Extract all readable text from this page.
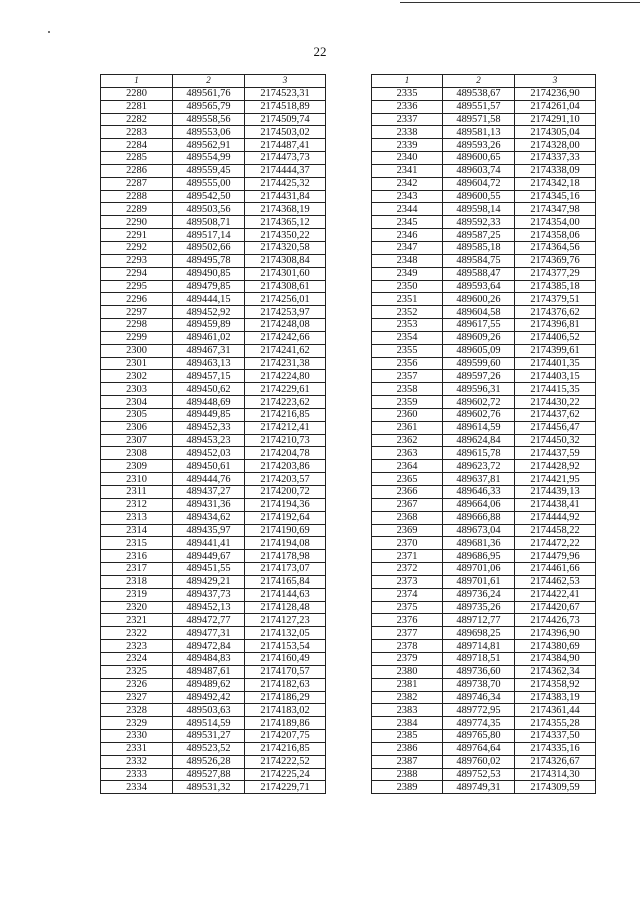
22
1	2	3
2280	489561,76	2174523,31
2281	489565,79	2174518,89
2282	489558,56	2174509,74
2283	489553,06	2174503,02
2284	489562,91	2174487,41
2285	489554,99	2174473,73
2286	489559,45	2174444,37
2287	489555,00	2174425,32
2288	489542,50	2174431,84
2289	489503,56	2174368,19
2290	489508,71	2174365,12
2291	489517,14	2174350,22
2292	489502,66	2174320,58
2293	489495,78	2174308,84
2294	489490,85	2174301,60
2295	489479,85	2174308,61
2296	489444,15	2174256,01
2297	489452,92	2174253,97
2298	489459,89	2174248,08
2299	489461,02	2174242,66
2300	489467,31	2174241,62
2301	489463,13	2174231,38
2302	489457,15	2174224,80
2303	489450,62	2174229,61
2304	489448,69	2174223,62
2305	489449,85	2174216,85
2306	489452,33	2174212,41
2307	489453,23	2174210,73
2308	489452,03	2174204,78
2309	489450,61	2174203,86
2310	489444,76	2174203,57
2311	489437,27	2174200,72
2312	489431,36	2174194,36
2313	489434,62	2174192,64
2314	489435,97	2174190,69
2315	489441,41	2174194,08
2316	489449,67	2174178,98
2317	489451,55	2174173,07
2318	489429,21	2174165,84
2319	489437,73	2174144,63
2320	489452,13	2174128,48
2321	489472,77	2174127,23
2322	489477,31	2174132,05
2323	489472,84	2174153,54
2324	489484,83	2174160,49
2325	489487,61	2174170,57
2326	489489,62	2174182,63
2327	489492,42	2174186,29
2328	489503,63	2174183,02
2329	489514,59	2174189,86
2330	489531,27	2174207,75
2331	489523,52	2174216,85
2332	489526,28	2174222,52
2333	489527,88	2174225,24
2334	489531,32	2174229,71
1	2	3
2335	489538,67	2174236,90
2336	489551,57	2174261,04
2337	489571,58	2174291,10
2338	489581,13	2174305,04
2339	489593,26	2174328,00
2340	489600,65	2174337,33
2341	489603,74	2174338,09
2342	489604,72	2174342,18
2343	489600,55	2174345,16
2344	489598,14	2174347,98
2345	489592,33	2174354,00
2346	489587,25	2174358,06
2347	489585,18	2174364,56
2348	489584,75	2174369,76
2349	489588,47	2174377,29
2350	489593,64	2174385,18
2351	489600,26	2174379,51
2352	489604,58	2174376,62
2353	489617,55	2174396,81
2354	489609,26	2174406,52
2355	489605,09	2174399,61
2356	489599,60	2174401,35
2357	489597,26	2174403,15
2358	489596,31	2174415,35
2359	489602,72	2174430,22
2360	489602,76	2174437,62
2361	489614,59	2174456,47
2362	489624,84	2174450,32
2363	489615,78	2174437,59
2364	489623,72	2174428,92
2365	489637,81	2174421,95
2366	489646,33	2174439,13
2367	489664,06	2174438,41
2368	489666,88	2174444,92
2369	489673,04	2174458,22
2370	489681,36	2174472,22
2371	489686,95	2174479,96
2372	489701,06	2174461,66
2373	489701,61	2174462,53
2374	489736,24	2174422,41
2375	489735,26	2174420,67
2376	489712,77	2174426,73
2377	489698,25	2174396,90
2378	489714,81	2174380,69
2379	489718,51	2174384,90
2380	489736,60	2174362,34
2381	489738,70	2174358,92
2382	489746,34	2174383,19
2383	489772,95	2174361,44
2384	489774,35	2174355,28
2385	489765,80	2174337,50
2386	489764,64	2174335,16
2387	489760,02	2174326,67
2388	489752,53	2174314,30
2389	489749,31	2174309,59
